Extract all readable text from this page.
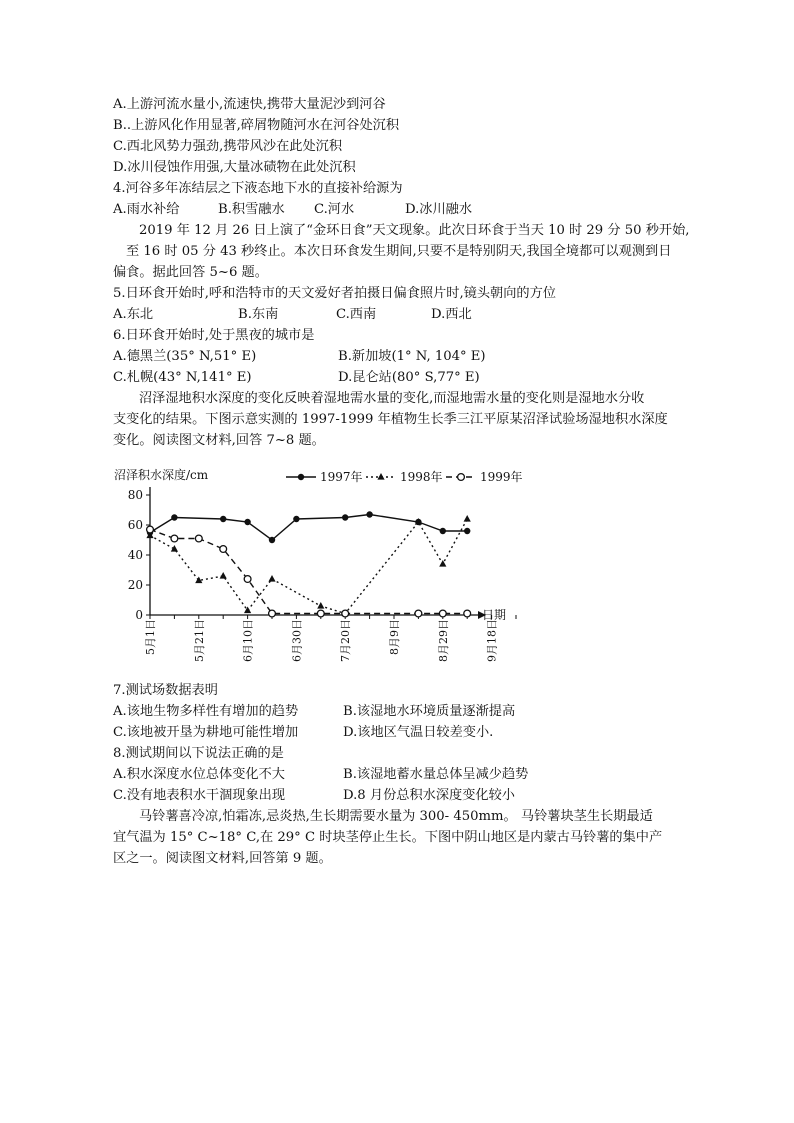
A.上游河流水量小,流速快,携带大量泥沙到河谷
B..上游风化作用显著,碎屑物随河水在河谷处沉积
C.西北风势力强劲,携带风沙在此处沉积
D.冰川侵蚀作用强,大量冰碛物在此处沉积
4.河谷多年冻结层之下液态地下水的直接补给源为
A.雨水补给	B.积雪融水 C.河水	D.冰川融水
2019 年 12 月 26 日上演了“金环日食”天文现象。此次日环食于当天 10 时 29 分 50 秒开始,
至 16 时 05 分 43 秒终止。本次日环食发生期间,只要不是特别阴天,我国全境都可以观测到日
偏食。据此回答 5~6 题。
5.日环食开始时,呼和浩特市的天文爱好者拍摄日偏食照片时,镜头朝向的方位
A.东北	B.东南	C.西南	D.西北
6.日环食开始时,处于黑夜的城市是
A.德黑兰(35° N,51° E)	B.新加坡(1° N, 104° E)
C.札幌(43° N,141° E)	D.昆仑站(80° S,77° E)
沼泽湿地积水深度的变化反映着湿地需水量的变化,而湿地需水量的变化则是湿地水分收
支变化的结果。下图示意实测的 1997-1999 年植物生长季三江平原某沼泽试验场湿地积水深度
变化。阅读图文材料,回答 7~8 题。
沼泽积水深度/cm	1997年	1998年	1999年
0
20
40
60
80
5月1日	5月21日	6月10日	6月30日	7月20日	8月9日	8月29日	9月18日
日期
7.测试场数据表明
A.该地生物多样性有增加的趋势	B.该湿地水环境质量逐渐提高
C.该地被开垦为耕地可能性增加	D.该地区气温日较差变小.
8.测试期间以下说法正确的是
A.积水深度水位总体变化不大	B.该湿地蓄水量总体呈减少趋势
C.没有地表积水干涸现象出现	D.8 月份总积水深度变化较小
马铃薯喜冷凉,怕霜冻,忌炎热,生长期需要水量为 300- 450mm。 马铃薯块茎生长期最适
宜气温为 15° C~18° C,在 29° C 时块茎停止生长。下图中阴山地区是内蒙古马铃薯的集中产
区之一。阅读图文材料,回答第 9 题。
